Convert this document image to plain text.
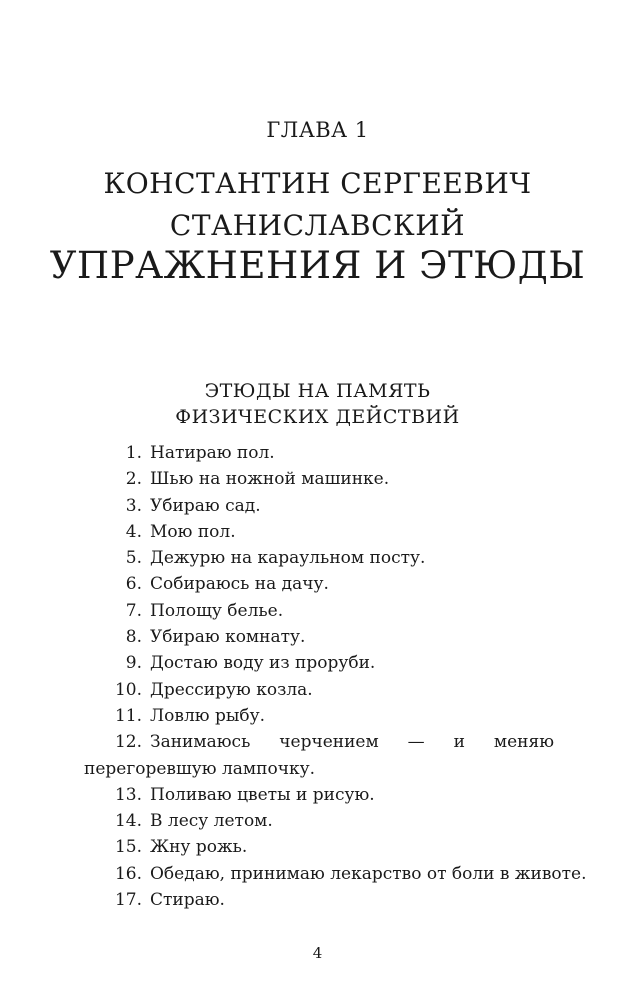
ГЛАВА 1
КОНСТАНТИН СЕРГЕЕВИЧ
СТАНИСЛАВСКИЙ
УПРАЖНЕНИЯ И ЭТЮДЫ
ЭТЮДЫ НА ПАМЯТЬ
ФИЗИЧЕСКИХ ДЕЙСТВИЙ
1. Натираю пол.
2. Шью на ножной машинке.
3. Убираю сад.
4. Мою пол.
5. Дежурю на караульном посту.
6. Собираюсь на дачу.
7. Полощу белье.
8. Убираю комнату.
9. Достаю воду из проруби.
10. Дрессирую козла.
11. Ловлю рыбу.
12. Занимаюсь черчением — и меняю перегоревшую лампочку.
13. Поливаю цветы и рисую.
14. В лесу летом.
15. Жну рожь.
16. Обедаю, принимаю лекарство от боли в животе.
17. Стираю.
4
